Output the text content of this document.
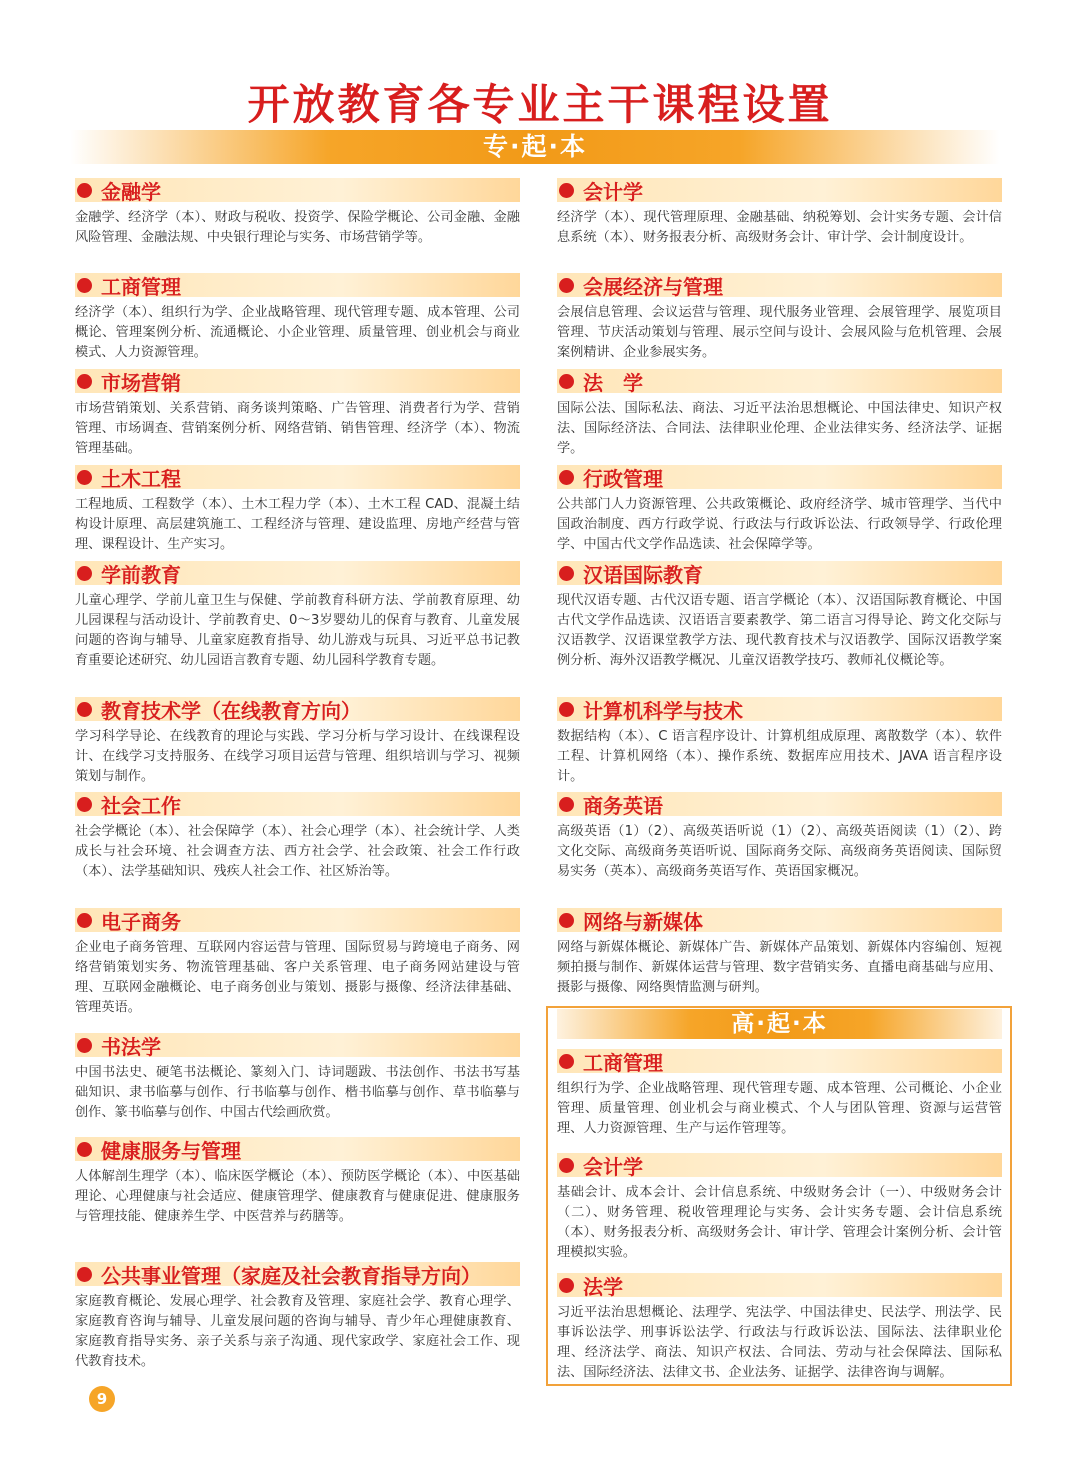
开放教育各专业主干课程设置
专·起·本
金融学
金融学、经济学（本）、财政与税收、投资学、保险学概论、公司金融、金融风险管理、金融法规、中央银行理论与实务、市场营销学等。
工商管理
经济学（本）、组织行为学、企业战略管理、现代管理专题、成本管理、公司概论、管理案例分析、流通概论、小企业管理、质量管理、创业机会与商业模式、人力资源管理。
市场营销
市场营销策划、关系营销、商务谈判策略、广告管理、消费者行为学、营销管理、市场调查、营销案例分析、网络营销、销售管理、经济学（本）、物流管理基础。
土木工程
工程地质、工程数学（本）、土木工程力学（本）、土木工程 CAD、混凝土结构设计原理、高层建筑施工、工程经济与管理、建设监理、房地产经营与管理、课程设计、生产实习。
学前教育
儿童心理学、学前儿童卫生与保健、学前教育科研方法、学前教育原理、幼儿园课程与活动设计、学前教育史、0～3岁婴幼儿的保育与教育、儿童发展问题的咨询与辅导、儿童家庭教育指导、幼儿游戏与玩具、习近平总书记教育重要论述研究、幼儿园语言教育专题、幼儿园科学教育专题。
教育技术学（在线教育方向）
学习科学导论、在线教育的理论与实践、学习分析与学习设计、在线课程设计、在线学习支持服务、在线学习项目运营与管理、组织培训与学习、视频策划与制作。
社会工作
社会学概论（本）、社会保障学（本）、社会心理学（本）、社会统计学、人类成长与社会环境、社会调查方法、西方社会学、社会政策、社会工作行政（本）、法学基础知识、残疾人社会工作、社区矫治等。
电子商务
企业电子商务管理、互联网内容运营与管理、国际贸易与跨境电子商务、网络营销策划实务、物流管理基础、客户关系管理、电子商务网站建设与管理、互联网金融概论、电子商务创业与策划、摄影与摄像、经济法律基础、管理英语。
书法学
中国书法史、硬笔书法概论、篆刻入门、诗词题跋、书法创作、书法书写基础知识、隶书临摹与创作、行书临摹与创作、楷书临摹与创作、草书临摹与创作、篆书临摹与创作、中国古代绘画欣赏。
健康服务与管理
人体解剖生理学（本）、临床医学概论（本）、预防医学概论（本）、中医基础理论、心理健康与社会适应、健康管理学、健康教育与健康促进、健康服务与管理技能、健康养生学、中医营养与药膳等。
公共事业管理（家庭及社会教育指导方向）
家庭教育概论、发展心理学、社会教育及管理、家庭社会学、教育心理学、家庭教育咨询与辅导、儿童发展问题的咨询与辅导、青少年心理健康教育、家庭教育指导实务、亲子关系与亲子沟通、现代家政学、家庭社会工作、现代教育技术。
会计学
经济学（本）、现代管理原理、金融基础、纳税筹划、会计实务专题、会计信息系统（本）、财务报表分析、高级财务会计、审计学、会计制度设计。
会展经济与管理
会展信息管理、会议运营与管理、现代服务业管理、会展管理学、展览项目管理、节庆活动策划与管理、展示空间与设计、会展风险与危机管理、会展案例精讲、企业参展实务。
法　学
国际公法、国际私法、商法、习近平法治思想概论、中国法律史、知识产权法、国际经济法、合同法、法律职业伦理、企业法律实务、经济法学、证据学。
行政管理
公共部门人力资源管理、公共政策概论、政府经济学、城市管理学、当代中国政治制度、西方行政学说、行政法与行政诉讼法、行政领导学、行政伦理学、中国古代文学作品选读、社会保障学等。
汉语国际教育
现代汉语专题、古代汉语专题、语言学概论（本）、汉语国际教育概论、中国古代文学作品选读、汉语语言要素教学、第二语言习得导论、跨文化交际与汉语教学、汉语课堂教学方法、现代教育技术与汉语教学、国际汉语教学案例分析、海外汉语教学概况、儿童汉语教学技巧、教师礼仪概论等。
计算机科学与技术
数据结构（本）、C 语言程序设计、计算机组成原理、离散数学（本）、软件工程、计算机网络（本）、操作系统、数据库应用技术、JAVA 语言程序设计。
商务英语
高级英语（1）（2）、高级英语听说（1）（2）、高级英语阅读（1）（2）、跨文化交际、高级商务英语听说、国际商务交际、高级商务英语阅读、国际贸易实务（英本）、高级商务英语写作、英语国家概况。
网络与新媒体
网络与新媒体概论、新媒体广告、新媒体产品策划、新媒体内容编创、短视频拍摄与制作、新媒体运营与管理、数字营销实务、直播电商基础与应用、摄影与摄像、网络舆情监测与研判。
高·起·本
工商管理
组织行为学、企业战略管理、现代管理专题、成本管理、公司概论、小企业管理、质量管理、创业机会与商业模式、个人与团队管理、资源与运营管理、人力资源管理、生产与运作管理等。
会计学
基础会计、成本会计、会计信息系统、中级财务会计（一）、中级财务会计（二）、财务管理、税收管理理论与实务、会计实务专题、会计信息系统（本）、财务报表分析、高级财务会计、审计学、管理会计案例分析、会计管理模拟实验。
法学
习近平法治思想概论、法理学、宪法学、中国法律史、民法学、刑法学、民事诉讼法学、刑事诉讼法学、行政法与行政诉讼法、国际法、法律职业伦理、经济法学、商法、知识产权法、合同法、劳动与社会保障法、国际私法、国际经济法、法律文书、企业法务、证据学、法律咨询与调解。
9
